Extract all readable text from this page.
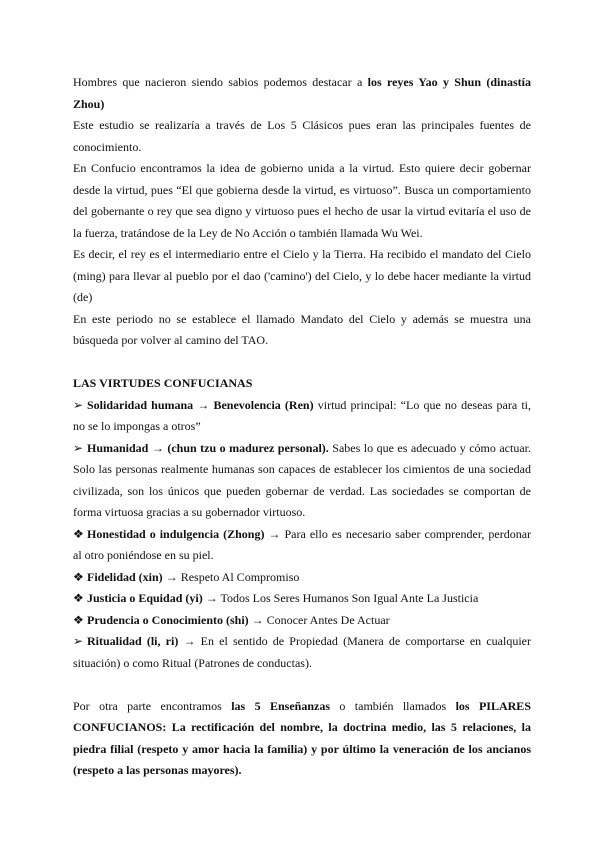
Hombres que nacieron siendo sabios podemos destacar a los reyes Yao y Shun (dinastía Zhou)

Este estudio se realizaría a través de Los 5 Clásicos pues eran las principales fuentes de conocimiento.

En Confucio encontramos la idea de gobierno unida a la virtud. Esto quiere decir gobernar desde la virtud, pues “El que gobierna desde la virtud, es virtuoso”. Busca un comportamiento del gobernante o rey que sea digno y virtuoso pues el hecho de usar la virtud evitaría el uso de la fuerza, tratándose de la Ley de No Acción o también llamada Wu Wei.

Es decir, el rey es el intermediario entre el Cielo y la Tierra. Ha recibido el mandato del Cielo (ming) para llevar al pueblo por el dao ('camino') del Cielo, y lo debe hacer mediante la virtud (de)

En este periodo no se establece el llamado Mandato del Cielo y además se muestra una búsqueda por volver al camino del TAO.

LAS VIRTUDES CONFUCIANAS

➢ Solidaridad humana → Benevolencia (Ren) virtud principal: “Lo que no deseas para ti, no se lo impongas a otros”

➢ Humanidad → (chun tzu o madurez personal). Sabes lo que es adecuado y cómo actuar. Solo las personas realmente humanas son capaces de establecer los cimientos de una sociedad civilizada, son los únicos que pueden gobernar de verdad. Las sociedades se comportan de forma virtuosa gracias a su gobernador virtuoso.

❖ Honestidad o indulgencia (Zhong) → Para ello es necesario saber comprender, perdonar al otro poniéndose en su piel.

❖ Fidelidad (xin) → Respeto Al Compromiso

❖ Justicia o Equidad (yi) → Todos Los Seres Humanos Son Igual Ante La Justicia

❖ Prudencia o Conocimiento (shi) → Conocer Antes De Actuar

➢ Ritualidad (li, ri) → En el sentido de Propiedad (Manera de comportarse en cualquier situación) o como Ritual (Patrones de conductas).

Por otra parte encontramos las 5 Enseñanzas o también llamados los PILARES CONFUCIANOS: La rectificación del nombre, la doctrina medio, las 5 relaciones, la piedra filial (respeto y amor hacia la familia) y por último la veneración de los ancianos (respeto a las personas mayores).
